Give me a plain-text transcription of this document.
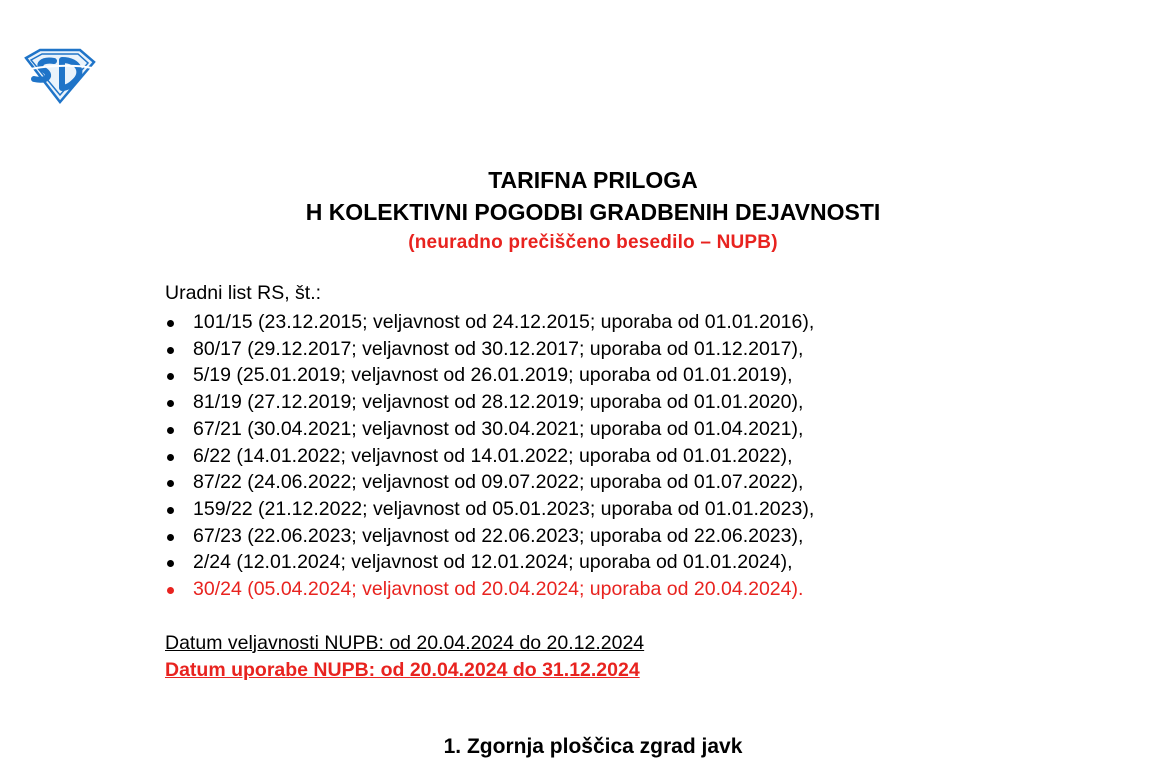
TARIFNA PRILOGA
H KOLEKTIVNI POGODBI GRADBENIH DEJAVNOSTI
(neuradno prečiščeno besedilo – NUPB)
Uradni list RS, št.:
101/15 (23.12.2015; veljavnost od 24.12.2015; uporaba od 01.01.2016),
80/17 (29.12.2017; veljavnost od 30.12.2017; uporaba od 01.12.2017),
5/19 (25.01.2019; veljavnost od 26.01.2019; uporaba od 01.01.2019),
81/19 (27.12.2019; veljavnost od 28.12.2019; uporaba od 01.01.2020),
67/21 (30.04.2021; veljavnost od 30.04.2021; uporaba od 01.04.2021),
6/22 (14.01.2022; veljavnost od 14.01.2022; uporaba od 01.01.2022),
87/22 (24.06.2022; veljavnost od 09.07.2022; uporaba od 01.07.2022),
159/22 (21.12.2022; veljavnost od 05.01.2023; uporaba od 01.01.2023),
67/23 (22.06.2023; veljavnost od 22.06.2023; uporaba od 22.06.2023),
2/24 (12.01.2024; veljavnost od 12.01.2024; uporaba od 01.01.2024),
30/24 (05.04.2024; veljavnost od 20.04.2024; uporaba od 20.04.2024).
Datum veljavnosti NUPB: od 20.04.2024 do 20.12.2024
Datum uporabe NUPB: od 20.04.2024 do 31.12.2024
1. Zgornja ploščica zgrad javk
